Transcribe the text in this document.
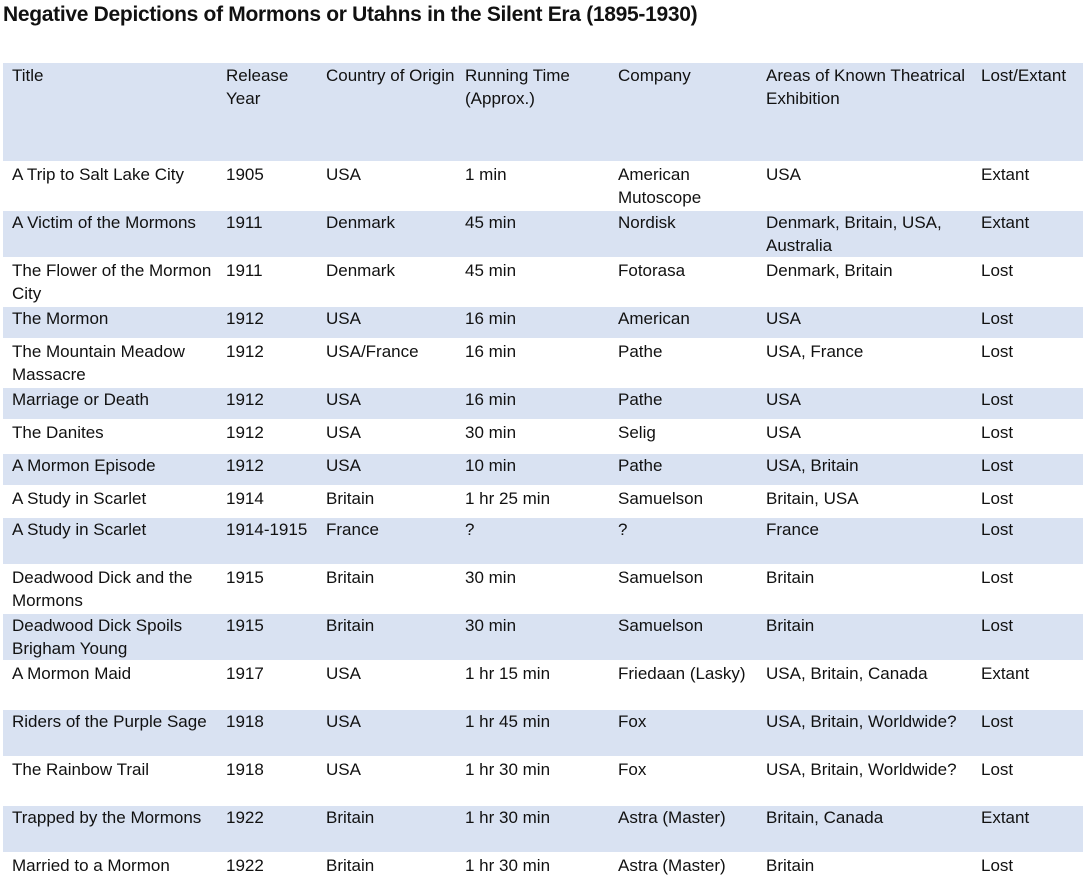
Negative Depictions of Mormons or Utahns in the Silent Era (1895-1930)
Title	Release Year	Country of Origin	Running Time (Approx.)	Company	Areas of Known Theatrical Exhibition	Lost/Extant
A Trip to Salt Lake City	1905	USA	1 min	American Mutoscope	USA	Extant
A Victim of the Mormons	1911	Denmark	45 min	Nordisk	Denmark, Britain, USA, Australia	Extant
The Flower of the Mormon City	1911	Denmark	45 min	Fotorasa	Denmark, Britain	Lost
The Mormon	1912	USA	16 min	American	USA	Lost
The Mountain Meadow Massacre	1912	USA/France	16 min	Pathe	USA, France	Lost
Marriage or Death	1912	USA	16 min	Pathe	USA	Lost
The Danites	1912	USA	30 min	Selig	USA	Lost
A Mormon Episode	1912	USA	10 min	Pathe	USA, Britain	Lost
A Study in Scarlet	1914	Britain	1 hr 25 min	Samuelson	Britain, USA	Lost
A Study in Scarlet	1914-1915	France	?	?	France	Lost
Deadwood Dick and the Mormons	1915	Britain	30 min	Samuelson	Britain	Lost
Deadwood Dick Spoils Brigham Young	1915	Britain	30 min	Samuelson	Britain	Lost
A Mormon Maid	1917	USA	1 hr 15 min	Friedaan (Lasky)	USA, Britain, Canada	Extant
Riders of the Purple Sage	1918	USA	1 hr 45 min	Fox	USA, Britain, Worldwide?	Lost
The Rainbow Trail	1918	USA	1 hr 30 min	Fox	USA, Britain, Worldwide?	Lost
Trapped by the Mormons	1922	Britain	1 hr 30 min	Astra (Master)	Britain, Canada	Extant
Married to a Mormon	1922	Britain	1 hr 30 min	Astra (Master)	Britain	Lost
